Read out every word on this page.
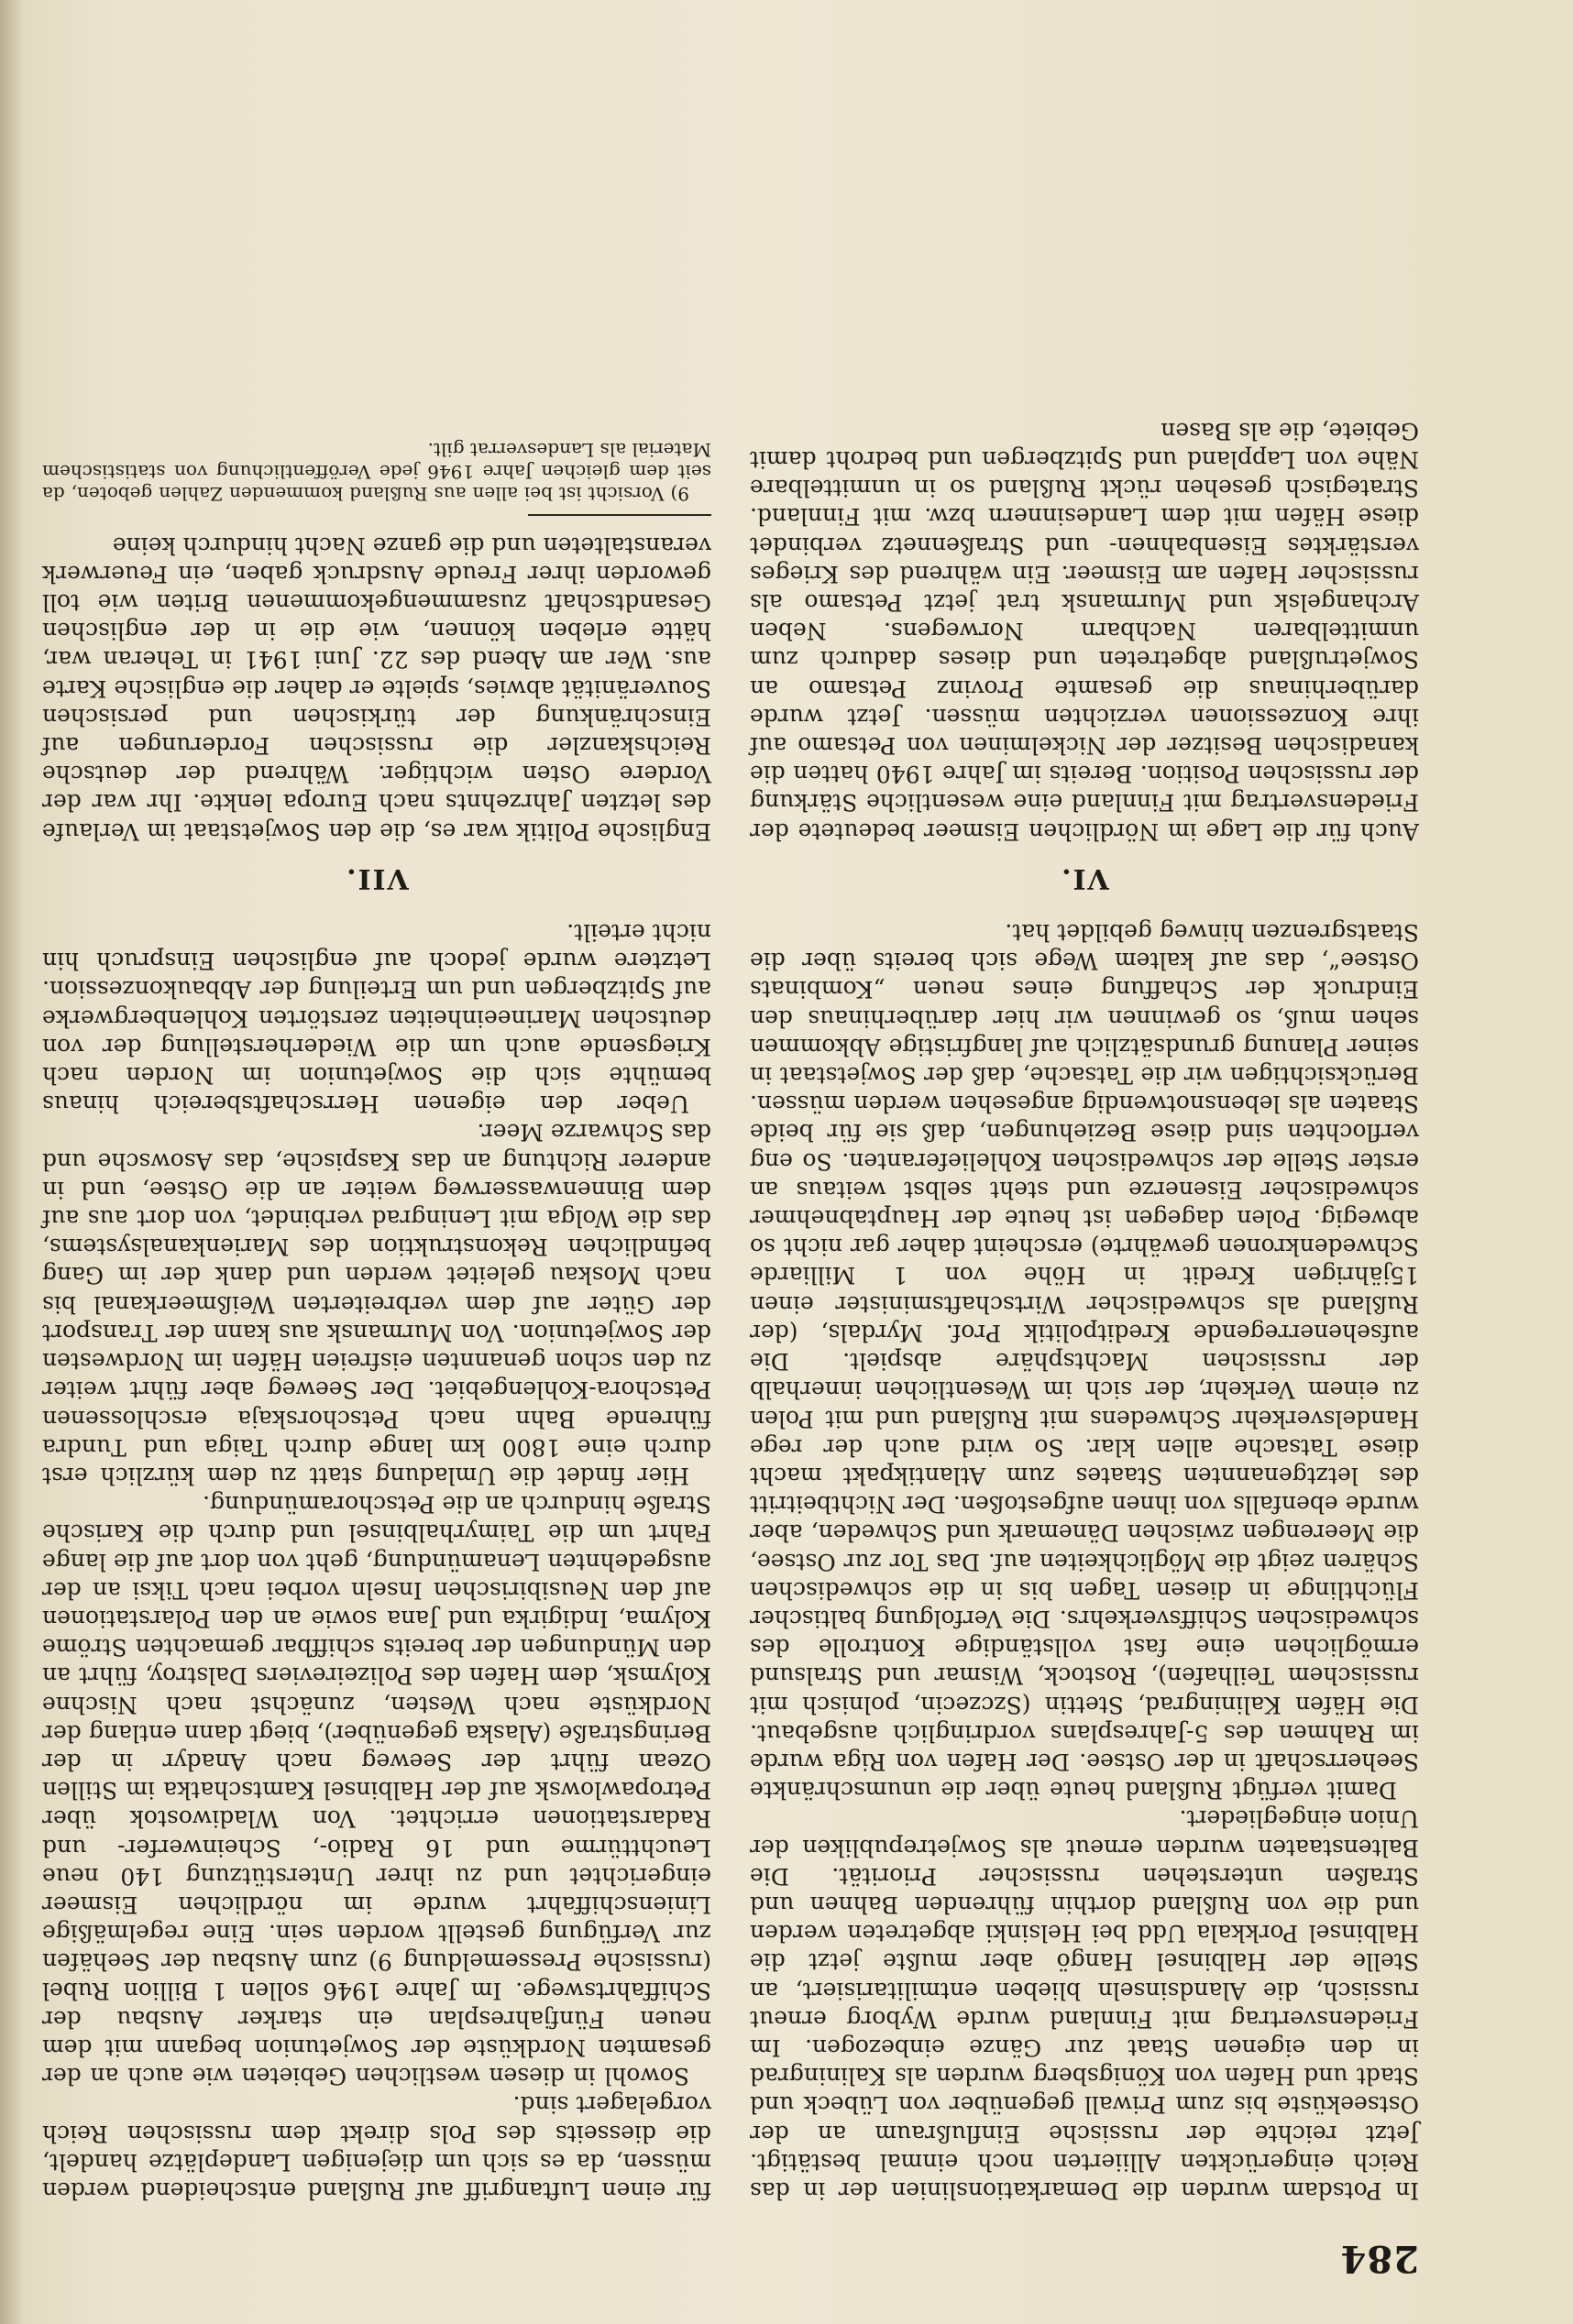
284

In Potsdam wurden die Demarkationslinien der in das Reich eingerückten Alliierten noch einmal bestätigt. Jetzt reichte der russische Einflußraum an der Ostseeküste bis zum Priwall gegenüber von Lübeck und Stadt und Hafen von Königsberg wurden als Kaliningrad in den eigenen Staat zur Gänze einbezogen. Im Friedensvertrag mit Finnland wurde Wyborg erneut russisch, die Alandsinseln blieben entmilitarisiert, an Stelle der Halbinsel Hangö aber mußte jetzt die Halbinsel Porkkala Udd bei Helsinki abgetreten werden und die von Rußland dorthin führenden Bahnen und Straßen unterstehen russischer Priorität. Die Baltenstaaten wurden erneut als Sowjetrepubliken der Union eingegliedert.

Damit verfügt Rußland heute über die unumschränkte Seeherrschaft in der Ostsee. Der Hafen von Riga wurde im Rahmen des 5-Jahresplans vordringlich ausgebaut. Die Häfen Kaliningrad, Stettin (Szczecin, polnisch mit russischem Teilhafen), Rostock, Wismar und Stralsund ermöglichen eine fast vollständige Kontrolle des schwedischen Schiffsverkehrs. Die Verfolgung baltischer Flüchtlinge in diesen Tagen bis in die schwedischen Schären zeigt die Möglichkeiten auf. Das Tor zur Ostsee, die Meerengen zwischen Dänemark und Schweden, aber wurde ebenfalls von ihnen aufgestoßen. Der Nichtbeitritt des letztgenannten Staates zum Atlantikpakt macht diese Tatsache allen klar. So wird auch der rege Handelsverkehr Schwedens mit Rußland und mit Polen zu einem Verkehr, der sich im Wesentlichen innerhalb der russischen Machtsphäre abspielt. Die aufsehenerregende Kreditpolitik Prof. Myrdals, (der Rußland als schwedischer Wirtschaftsminister einen 15jährigen Kredit in Höhe von 1 Milliarde Schwedenkronen gewährte) erscheint daher gar nicht so abwegig. Polen dagegen ist heute der Hauptabnehmer schwedischer Eisenerze und steht selbst weitaus an erster Stelle der schwedischen Kohlelieferanten. So eng verflochten sind diese Beziehungen, daß sie für beide Staaten als lebensnotwendig angesehen werden müssen. Berücksichtigen wir die Tatsache, daß der Sowjetstaat in seiner Planung grundsätzlich auf langfristige Abkommen sehen muß, so gewinnen wir hier darüberhinaus den Eindruck der Schaffung eines neuen „Kombinats Ostsee“, das auf kaltem Wege sich bereits über die Staatsgrenzen hinweg gebildet hat.

VI.

Auch für die Lage im Nördlichen Eismeer bedeutete der Friedensvertrag mit Finnland eine wesentliche Stärkung der russischen Position. Bereits im Jahre 1940 hatten die kanadischen Besitzer der Nickelminen von Petsamo auf ihre Konzessionen verzichten müssen. Jetzt wurde darüberhinaus die gesamte Provinz Petsamo an Sowjetrußland abgetreten und dieses dadurch zum unmittelbaren Nachbarn Norwegens. Neben Archangelsk und Murmansk trat jetzt Petsamo als russischer Hafen am Eismeer. Ein während des Krieges verstärktes Eisenbahnen- und Straßennetz verbindet diese Häfen mit dem Landesinnern bzw. mit Finnland. Strategisch gesehen rückt Rußland so in unmittelbare Nähe von Lappland und Spitzbergen und bedroht damit Gebiete, die als Basen

für einen Luftangriff auf Rußland entscheidend werden müssen, da es sich um diejenigen Landeplätze handelt, die diesseits des Pols direkt dem russischen Reich vorgelagert sind.

Sowohl in diesen westlichen Gebieten wie auch an der gesamten Nordküste der Sowjetunion begann mit dem neuen Fünfjahresplan ein starker Ausbau der Schiffahrtswege. Im Jahre 1946 sollen 1 Billion Rubel (russische Pressemeldung 9) zum Ausbau der Seehäfen zur Verfügung gestellt worden sein. Eine regelmäßige Linienschiffahrt wurde im nördlichen Eismeer eingerichtet und zu ihrer Unterstützung 140 neue Leuchttürme und 16 Radio-, Scheinwerfer- und Radarstationen errichtet. Von Wladiwostok über Petropawlowsk auf der Halbinsel Kamtschatka im Stillen Ozean führt der Seeweg nach Anadyr in der Beringstraße (Alaska gegenüber), biegt dann entlang der Nordküste nach Westen, zunächst nach Nischne Kolymsk, dem Hafen des Polizeireviers Dalstroy, führt an den Mündungen der bereits schiffbar gemachten Ströme Kolyma, Indigirka und Jana sowie an den Polarstationen auf den Neusibirischen Inseln vorbei nach Tiksi an der ausgedehnten Lenamündung, geht von dort auf die lange Fahrt um die Taimyrhalbinsel und durch die Karische Straße hindurch an die Petschoramündung.

Hier findet die Umladung statt zu dem kürzlich erst durch eine 1800 km lange durch Taiga und Tundra führende Bahn nach Petschorskaja erschlossenen Petschora-Kohlengebiet. Der Seeweg aber führt weiter zu den schon genannten eisfreien Häfen im Nordwesten der Sowjetunion. Von Murmansk aus kann der Transport der Güter auf dem verbreiterten Weißmeerkanal bis nach Moskau geleitet werden und dank der im Gang befindlichen Rekonstruktion des Marienkanalsystems, das die Wolga mit Leningrad verbindet, von dort aus auf dem Binnenwasserweg weiter an die Ostsee, und in anderer Richtung an das Kaspische, das Asowsche und das Schwarze Meer.

Ueber den eigenen Herrschaftsbereich hinaus bemühte sich die Sowjetunion im Norden nach Kriegsende auch um die Wiederherstellung der von deutschen Marineeinheiten zerstörten Kohlenbergwerke auf Spitzbergen und um Erteilung der Abbaukonzession. Letztere wurde jedoch auf englischen Einspruch hin nicht erteilt.

VII.

Englische Politik war es, die den Sowjetstaat im Verlaufe des letzten Jahrzehnts nach Europa lenkte. Ihr war der Vordere Osten wichtiger. Während der deutsche Reichskanzler die russischen Forderungen auf Einschränkung der türkischen und persischen Souveränität abwies, spielte er daher die englische Karte aus. Wer am Abend des 22. Juni 1941 in Teheran war, hätte erleben können, wie die in der englischen Gesandtschaft zusammengekommenen Briten wie toll geworden ihrer Freude Ausdruck gaben, ein Feuerwerk veranstalteten und die ganze Nacht hindurch keine

9) Vorsicht ist bei allen aus Rußland kommenden Zahlen geboten, da seit dem gleichen Jahre 1946 jede Veröffentlichung von statistischem Material als Landesverrat gilt.
